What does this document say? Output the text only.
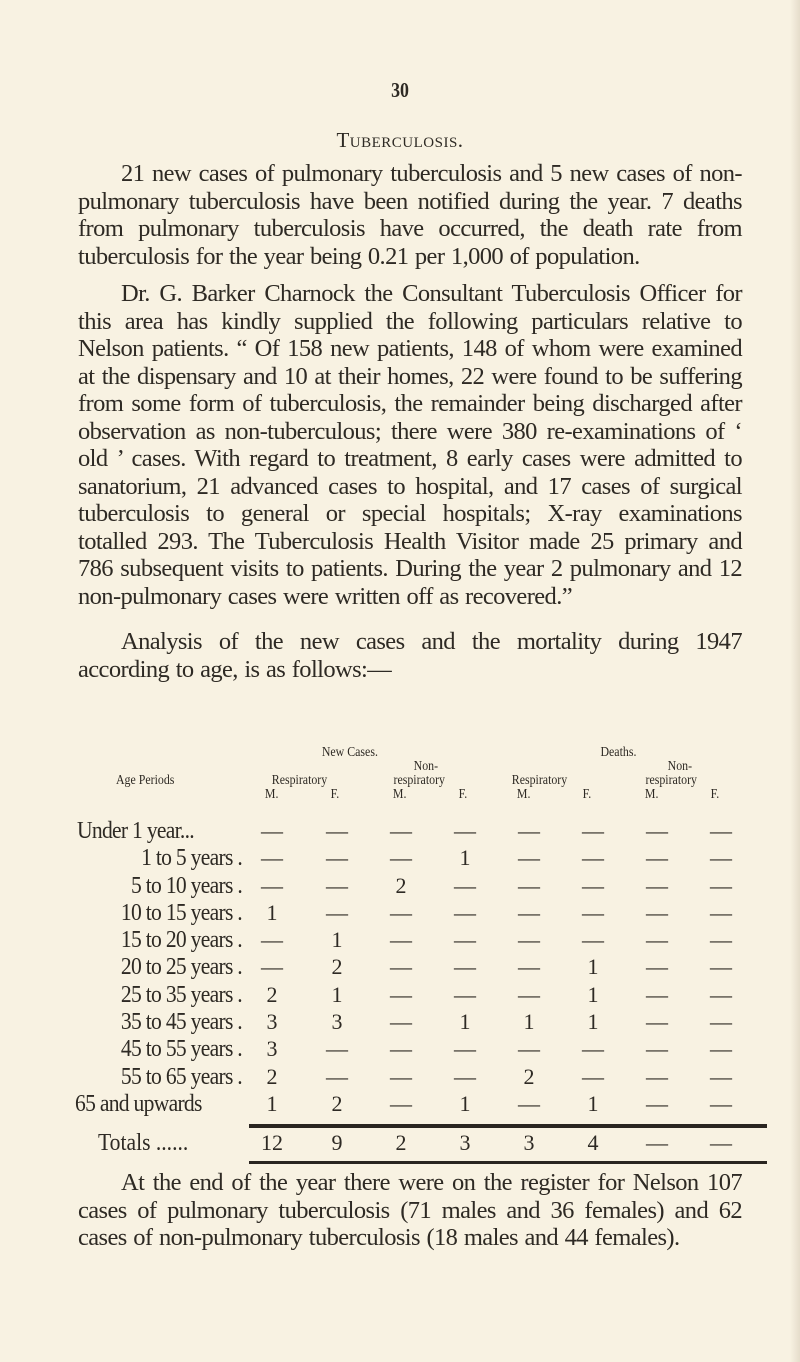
30
Tuberculosis.
21 new cases of pulmonary tuberculosis and 5 new cases of non-pulmonary tuberculosis have been notified during the year. 7 deaths from pulmonary tuberculosis have occurred, the death rate from tuberculosis for the year being 0.21 per 1,000 of population.
Dr. G. Barker Charnock the Consultant Tuberculosis Officer for this area has kindly supplied the following particulars relative to Nelson patients. “ Of 158 new patients, 148 of whom were examined at the dispensary and 10 at their homes, 22 were found to be suffering from some form of tuberculosis, the remainder being discharged after observation as non-tuberculous; there were 380 re-examinations of ‘ old ’ cases. With regard to treatment, 8 early cases were admitted to sanatorium, 21 advanced cases to hospital, and 17 cases of surgical tuberculosis to general or special hospitals; X-ray examinations totalled 293. The Tuberculosis Health Visitor made 25 primary and 786 subsequent visits to patients. During the year 2 pulmonary and 12 non-pulmonary cases were written off as recovered.”
Analysis of the new cases and the mortality during 1947 according to age, is as follows:—
New Cases.	Deaths.
Non-	Non-
Age Periods	Respiratory	respiratory	Respiratory	respiratory
M.	F.	M.	F.	M.	F.	M.	F.
Under 1 year...	—	—	—	—	—	—	—	—
1 to 5 years . —	—	—	1	—	—	—	—
5 to 10 years . —	—	2	—	—	—	—	—
10 to 15 years .	1	—	—	—	—	—	—	—
15 to 20 years . —	1	—	—	—	—	—	—
20 to 25 years . —	2	—	—	—	1	—	—
25 to 35 years .	2	1	—	—	—	1	—	—
35 to 45 years .	3	3	—	1	1	1	—	—
45 to 55 years .	3	—	—	—	—	—	—	—
55 to 65 years .	2	—	—	—	2	—	—	—
65 and upwards	1	2	—	1	—	1	—	—
Totals ......	12	9	2	3	3	4	—	—
At the end of the year there were on the register for Nelson 107 cases of pulmonary tuberculosis (71 males and 36 females) and 62 cases of non-pulmonary tuberculosis (18 males and 44 females).
